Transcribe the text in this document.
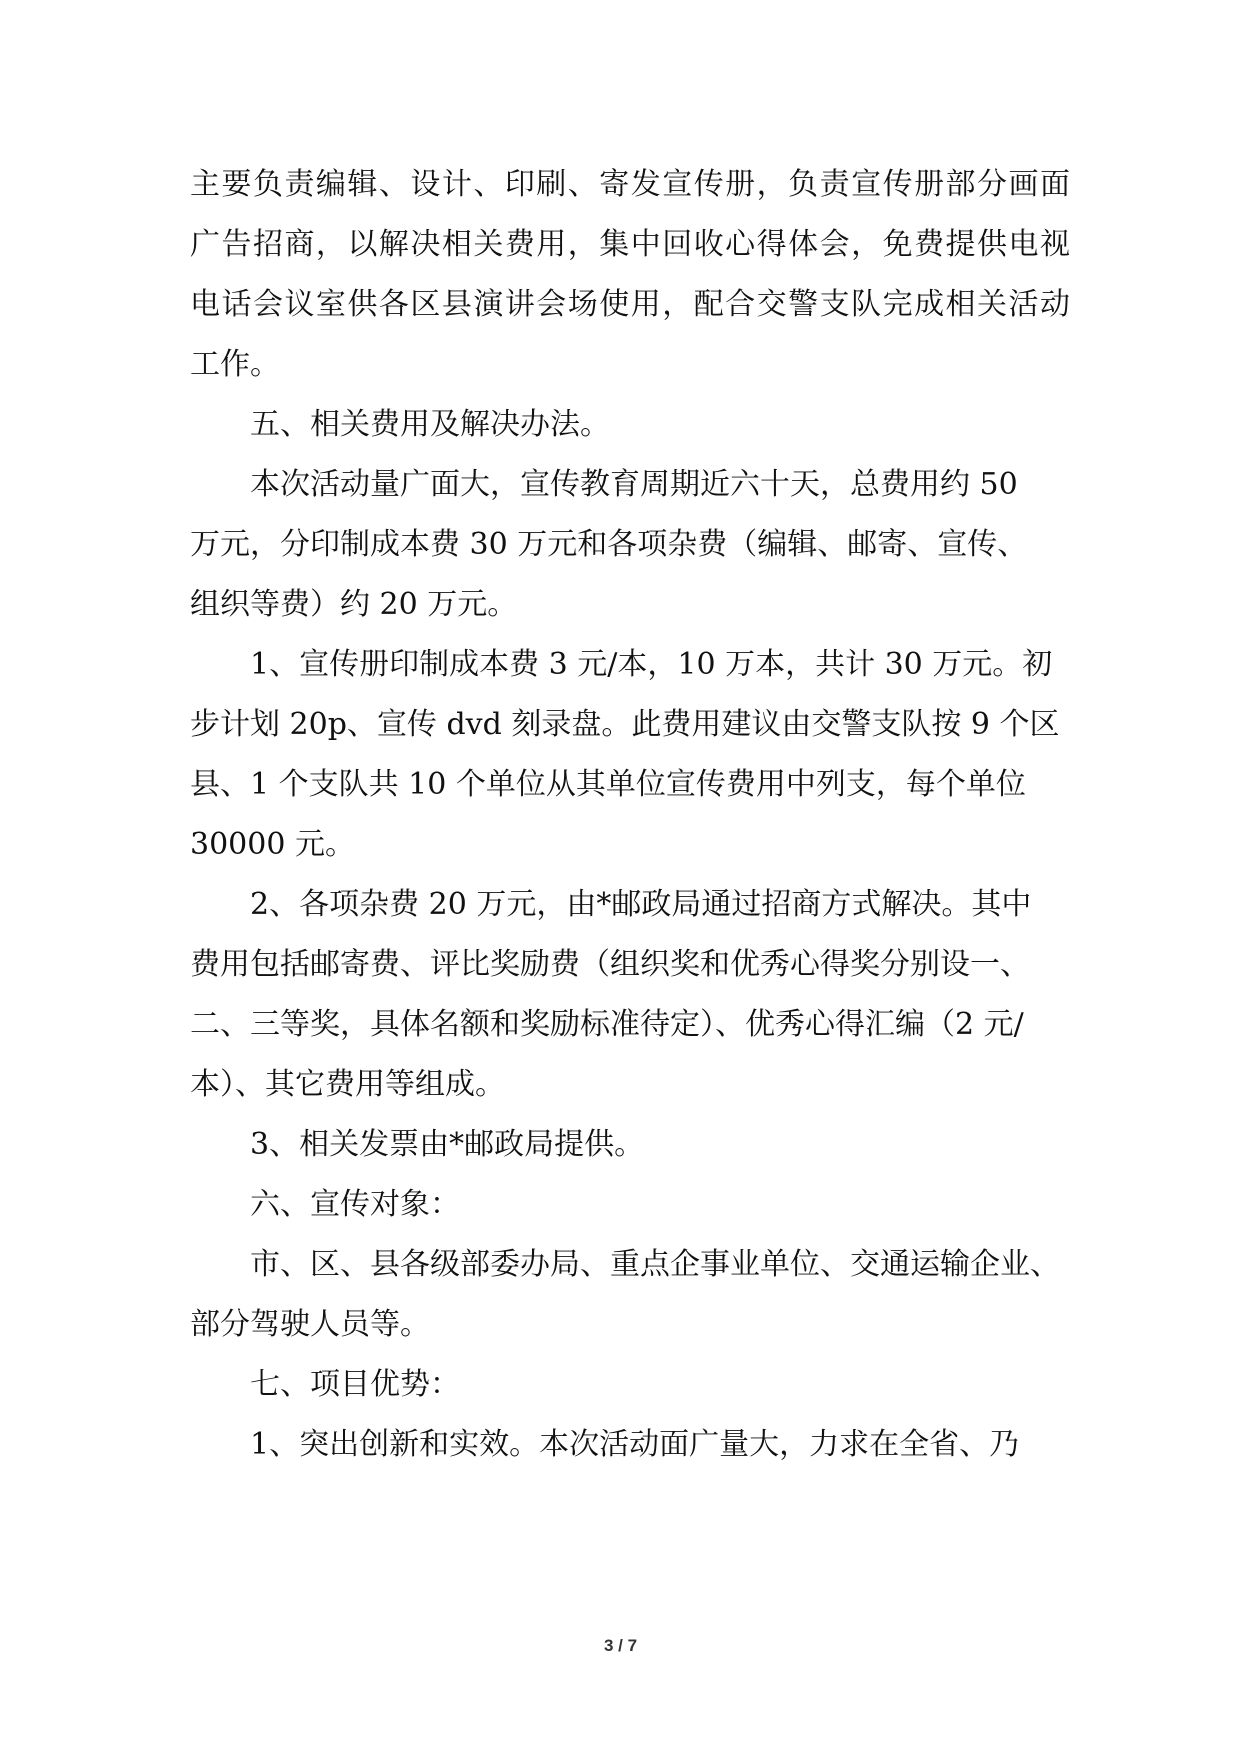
主要负责编辑、设计、印刷、寄发宣传册，负责宣传册部分画面

广告招商，以解决相关费用，集中回收心得体会，免费提供电视

电话会议室供各区县演讲会场使用，配合交警支队完成相关活动

工作。

五、相关费用及解决办法。

本次活动量广面大，宣传教育周期近六十天，总费用约 50

万元，分印制成本费 30 万元和各项杂费（编辑、邮寄、宣传、

组织等费）约 20 万元。

1、宣传册印制成本费 3 元/本，10 万本，共计 30 万元。初

步计划 20p、宣传 dvd 刻录盘。此费用建议由交警支队按 9 个区

县、1 个支队共 10 个单位从其单位宣传费用中列支，每个单位

30000 元。

2、各项杂费 20 万元，由*邮政局通过招商方式解决。其中

费用包括邮寄费、评比奖励费（组织奖和优秀心得奖分别设一、

二、三等奖，具体名额和奖励标准待定）、优秀心得汇编（2 元/

本）、其它费用等组成。

3、相关发票由*邮政局提供。

六、宣传对象：

市、区、县各级部委办局、重点企事业单位、交通运输企业、

部分驾驶人员等。

七、项目优势：

1、突出创新和实效。本次活动面广量大，力求在全省、乃

3 / 7
